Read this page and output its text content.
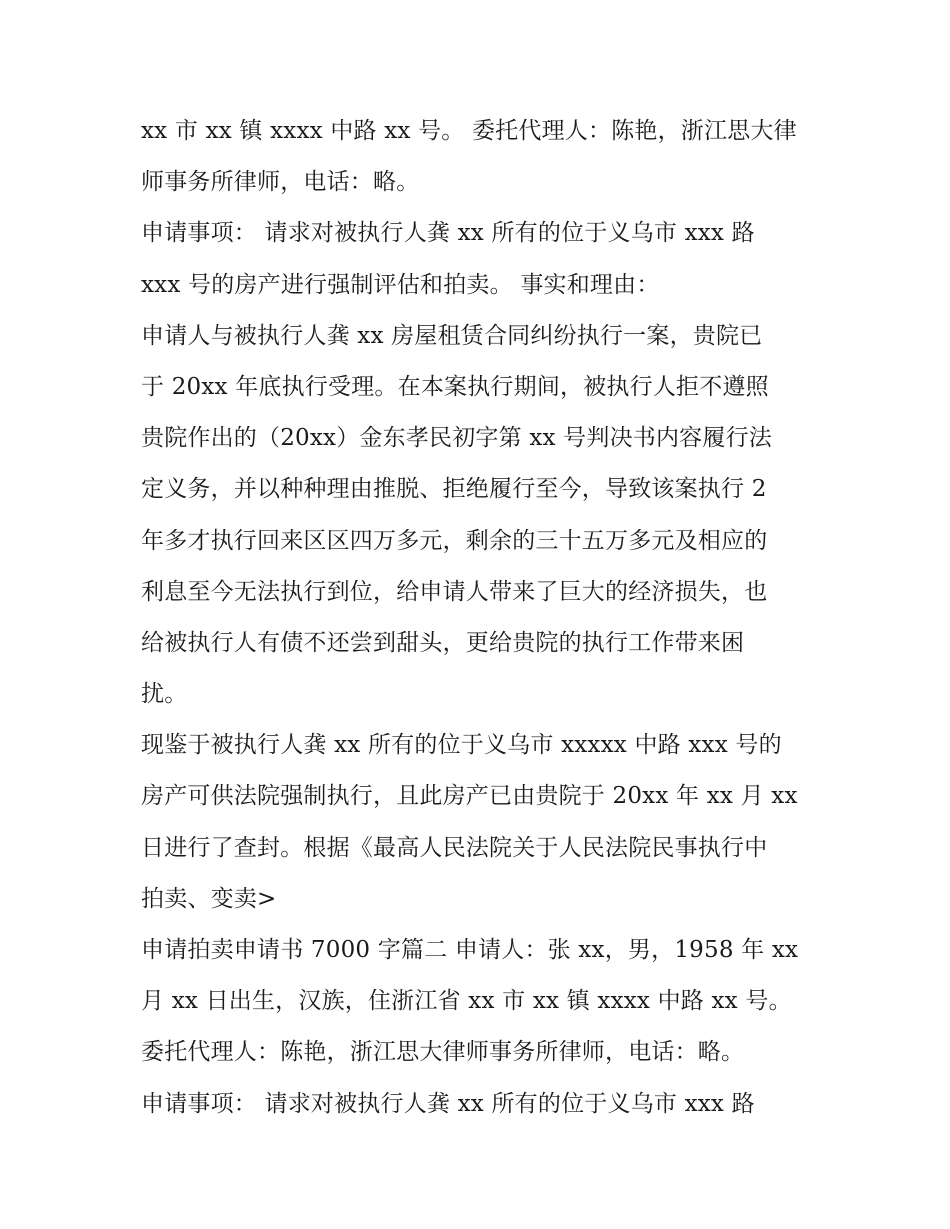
xx 市 xx 镇 xxxx 中路 xx 号。 委托代理人：陈艳，浙江思大律
师事务所律师，电话：略。
申请事项： 请求对被执行人龚 xx 所有的位于义乌市 xxx 路
xxx 号的房产进行强制评估和拍卖。 事实和理由：
申请人与被执行人龚 xx 房屋租赁合同纠纷执行一案，贵院已
于 20xx 年底执行受理。在本案执行期间，被执行人拒不遵照
贵院作出的（20xx）金东孝民初字第 xx 号判决书内容履行法
定义务，并以种种理由推脱、拒绝履行至今，导致该案执行 2
年多才执行回来区区四万多元，剩余的三十五万多元及相应的
利息至今无法执行到位，给申请人带来了巨大的经济损失，也
给被执行人有债不还尝到甜头，更给贵院的执行工作带来困
扰。
现鉴于被执行人龚 xx 所有的位于义乌市 xxxxx 中路 xxx 号的
房产可供法院强制执行，且此房产已由贵院于 20xx 年 xx 月 xx
日进行了查封。根据《最高人民法院关于人民法院民事执行中
拍卖、变卖>
申请拍卖申请书 7000 字篇二 申请人：张 xx，男，1958 年 xx
月 xx 日出生，汉族，住浙江省 xx 市 xx 镇 xxxx 中路 xx 号。
委托代理人：陈艳，浙江思大律师事务所律师，电话：略。
申请事项： 请求对被执行人龚 xx 所有的位于义乌市 xxx 路
